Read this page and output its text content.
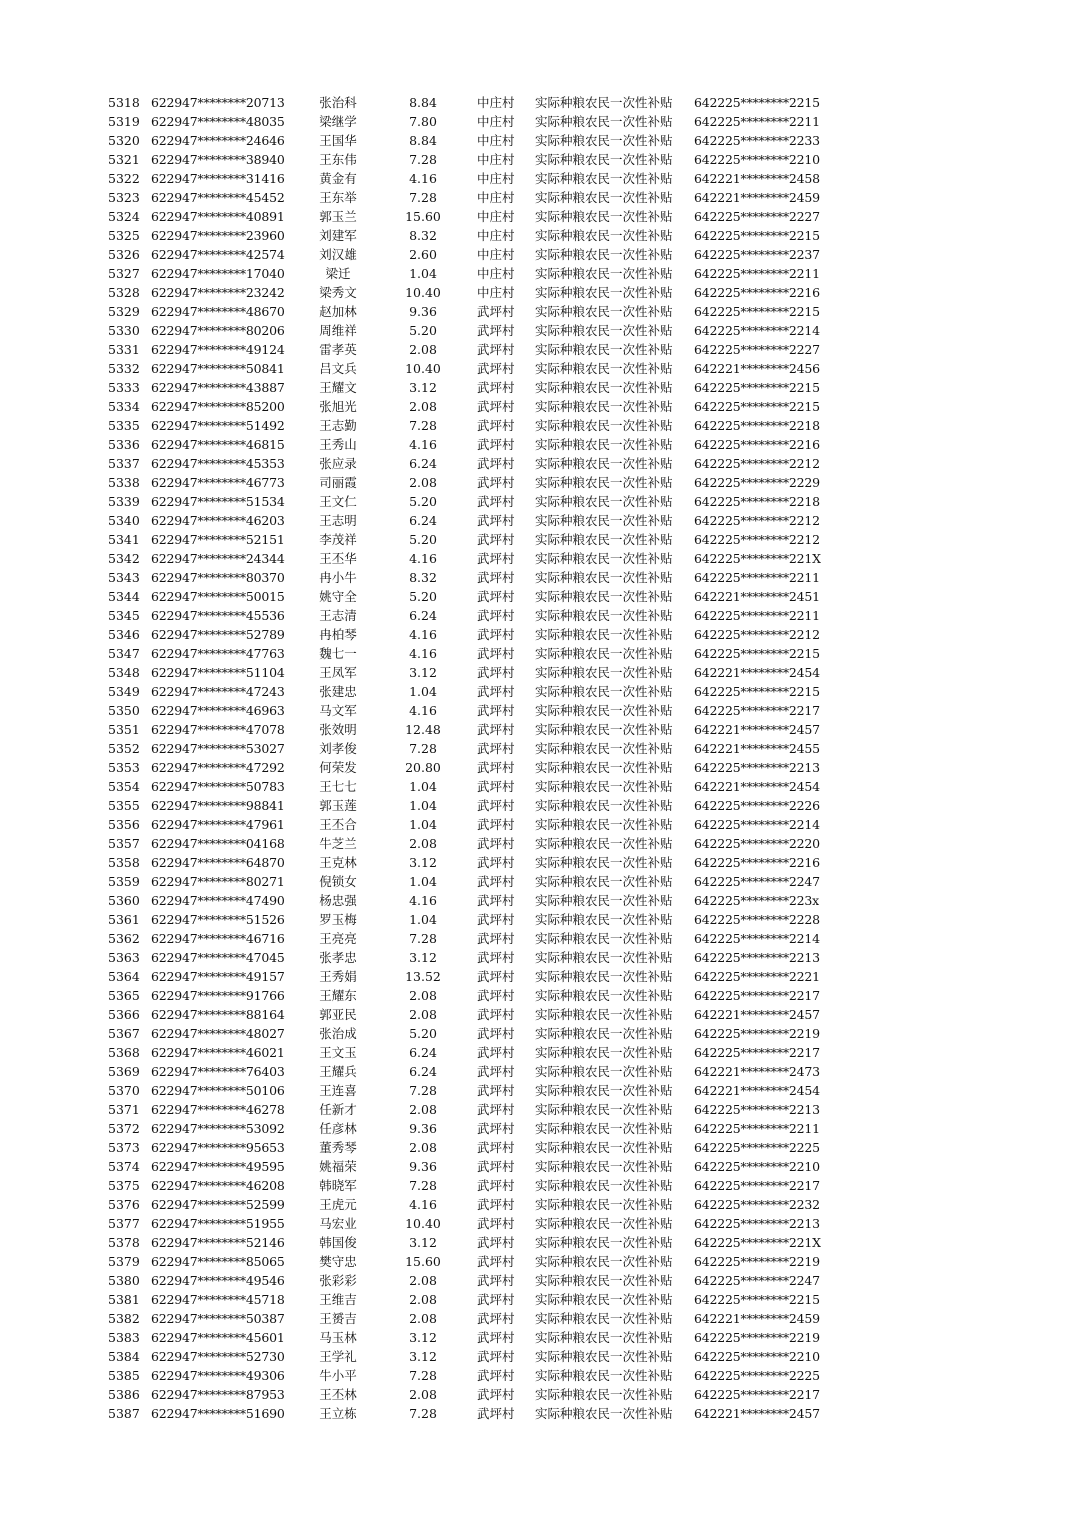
5318 622947********20713	张治科	8.84	中庄村 实际种粮农民一次性补贴 642225********2215
5319 622947********48035	梁继学	7.80	中庄村 实际种粮农民一次性补贴 642225********2211
5320 622947********24646	王国华	8.84	中庄村 实际种粮农民一次性补贴 642225********2233
5321 622947********38940	王东伟	7.28	中庄村 实际种粮农民一次性补贴 642225********2210
5322 622947********31416	黄金有	4.16	中庄村 实际种粮农民一次性补贴 642221********2458
5323 622947********45452	王东举	7.28	中庄村 实际种粮农民一次性补贴 642221********2459
5324 622947********40891	郭玉兰	15.60	中庄村 实际种粮农民一次性补贴 642225********2227
5325 622947********23960	刘建军	8.32	中庄村 实际种粮农民一次性补贴 642225********2215
5326 622947********42574	刘汉雄	2.60	中庄村 实际种粮农民一次性补贴 642225********2237
5327 622947********17040	梁迁	1.04	中庄村 实际种粮农民一次性补贴 642225********2211
5328 622947********23242	梁秀文	10.40	中庄村 实际种粮农民一次性补贴 642225********2216
5329 622947********48670	赵加林	9.36	武坪村 实际种粮农民一次性补贴 642225********2215
5330 622947********80206	周维祥	5.20	武坪村 实际种粮农民一次性补贴 642225********2214
5331 622947********49124	雷孝英	2.08	武坪村 实际种粮农民一次性补贴 642225********2227
5332 622947********50841	吕文兵	10.40	武坪村 实际种粮农民一次性补贴 642221********2456
5333 622947********43887	王耀文	3.12	武坪村 实际种粮农民一次性补贴 642225********2215
5334 622947********85200	张旭光	2.08	武坪村 实际种粮农民一次性补贴 642225********2215
5335 622947********51492	王志勤	7.28	武坪村 实际种粮农民一次性补贴 642225********2218
5336 622947********46815	王秀山	4.16	武坪村 实际种粮农民一次性补贴 642225********2216
5337 622947********45353	张应录	6.24	武坪村 实际种粮农民一次性补贴 642225********2212
5338 622947********46773	司丽霞	2.08	武坪村 实际种粮农民一次性补贴 642225********2229
5339 622947********51534	王文仁	5.20	武坪村 实际种粮农民一次性补贴 642225********2218
5340 622947********46203	王志明	6.24	武坪村 实际种粮农民一次性补贴 642225********2212
5341 622947********52151	李茂祥	5.20	武坪村 实际种粮农民一次性补贴 642225********2212
5342 622947********24344	王丕华	4.16	武坪村 实际种粮农民一次性补贴 642225********221X
5343 622947********80370	冉小牛	8.32	武坪村 实际种粮农民一次性补贴 642225********2211
5344 622947********50015	姚守全	5.20	武坪村 实际种粮农民一次性补贴 642221********2451
5345 622947********45536	王志清	6.24	武坪村 实际种粮农民一次性补贴 642225********2211
5346 622947********52789	冉柏琴	4.16	武坪村 实际种粮农民一次性补贴 642225********2212
5347 622947********47763	魏七一	4.16	武坪村 实际种粮农民一次性补贴 642225********2215
5348 622947********51104	王凤军	3.12	武坪村 实际种粮农民一次性补贴 642221********2454
5349 622947********47243	张建忠	1.04	武坪村 实际种粮农民一次性补贴 642225********2215
5350 622947********46963	马文军	4.16	武坪村 实际种粮农民一次性补贴 642225********2217
5351 622947********47078	张效明	12.48	武坪村 实际种粮农民一次性补贴 642221********2457
5352 622947********53027	刘孝俊	7.28	武坪村 实际种粮农民一次性补贴 642221********2455
5353 622947********47292	何荣发	20.80	武坪村 实际种粮农民一次性补贴 642225********2213
5354 622947********50783	王七七	1.04	武坪村 实际种粮农民一次性补贴 642221********2454
5355 622947********98841	郭玉莲	1.04	武坪村 实际种粮农民一次性补贴 642225********2226
5356 622947********47961	王丕合	1.04	武坪村 实际种粮农民一次性补贴 642225********2214
5357 622947********04168	牛芝兰	2.08	武坪村 实际种粮农民一次性补贴 642225********2220
5358 622947********64870	王克林	3.12	武坪村 实际种粮农民一次性补贴 642225********2216
5359 622947********80271	倪锁女	1.04	武坪村 实际种粮农民一次性补贴 642225********2247
5360 622947********47490	杨忠强	4.16	武坪村 实际种粮农民一次性补贴 642225********223x
5361 622947********51526	罗玉梅	1.04	武坪村 实际种粮农民一次性补贴 642225********2228
5362 622947********46716	王亮亮	7.28	武坪村 实际种粮农民一次性补贴 642225********2214
5363 622947********47045	张孝忠	3.12	武坪村 实际种粮农民一次性补贴 642225********2213
5364 622947********49157	王秀娟	13.52	武坪村 实际种粮农民一次性补贴 642225********2221
5365 622947********91766	王耀东	2.08	武坪村 实际种粮农民一次性补贴 642225********2217
5366 622947********88164	郭亚民	2.08	武坪村 实际种粮农民一次性补贴 642221********2457
5367 622947********48027	张治成	5.20	武坪村 实际种粮农民一次性补贴 642225********2219
5368 622947********46021	王文玉	6.24	武坪村 实际种粮农民一次性补贴 642225********2217
5369 622947********76403	王耀兵	6.24	武坪村 实际种粮农民一次性补贴 642221********2473
5370 622947********50106	王连喜	7.28	武坪村 实际种粮农民一次性补贴 642221********2454
5371 622947********46278	任新才	2.08	武坪村 实际种粮农民一次性补贴 642225********2213
5372 622947********53092	任彦林	9.36	武坪村 实际种粮农民一次性补贴 642225********2211
5373 622947********95653	董秀琴	2.08	武坪村 实际种粮农民一次性补贴 642225********2225
5374 622947********49595	姚福荣	9.36	武坪村 实际种粮农民一次性补贴 642225********2210
5375 622947********46208	韩晓军	7.28	武坪村 实际种粮农民一次性补贴 642225********2217
5376 622947********52599	王虎元	4.16	武坪村 实际种粮农民一次性补贴 642225********2232
5377 622947********51955	马宏业	10.40	武坪村 实际种粮农民一次性补贴 642225********2213
5378 622947********52146	韩国俊	3.12	武坪村 实际种粮农民一次性补贴 642225********221X
5379 622947********85065	樊守忠	15.60	武坪村 实际种粮农民一次性补贴 642225********2219
5380 622947********49546	张彩彩	2.08	武坪村 实际种粮农民一次性补贴 642225********2247
5381 622947********45718	王维吉	2.08	武坪村 实际种粮农民一次性补贴 642225********2215
5382 622947********50387	王赟吉	2.08	武坪村 实际种粮农民一次性补贴 642221********2459
5383 622947********45601	马玉林	3.12	武坪村 实际种粮农民一次性补贴 642225********2219
5384 622947********52730	王学礼	3.12	武坪村 实际种粮农民一次性补贴 642225********2210
5385 622947********49306	牛小平	7.28	武坪村 实际种粮农民一次性补贴 642225********2225
5386 622947********87953	王丕林	2.08	武坪村 实际种粮农民一次性补贴 642225********2217
5387 622947********51690	王立栋	7.28	武坪村 实际种粮农民一次性补贴 642221********2457
